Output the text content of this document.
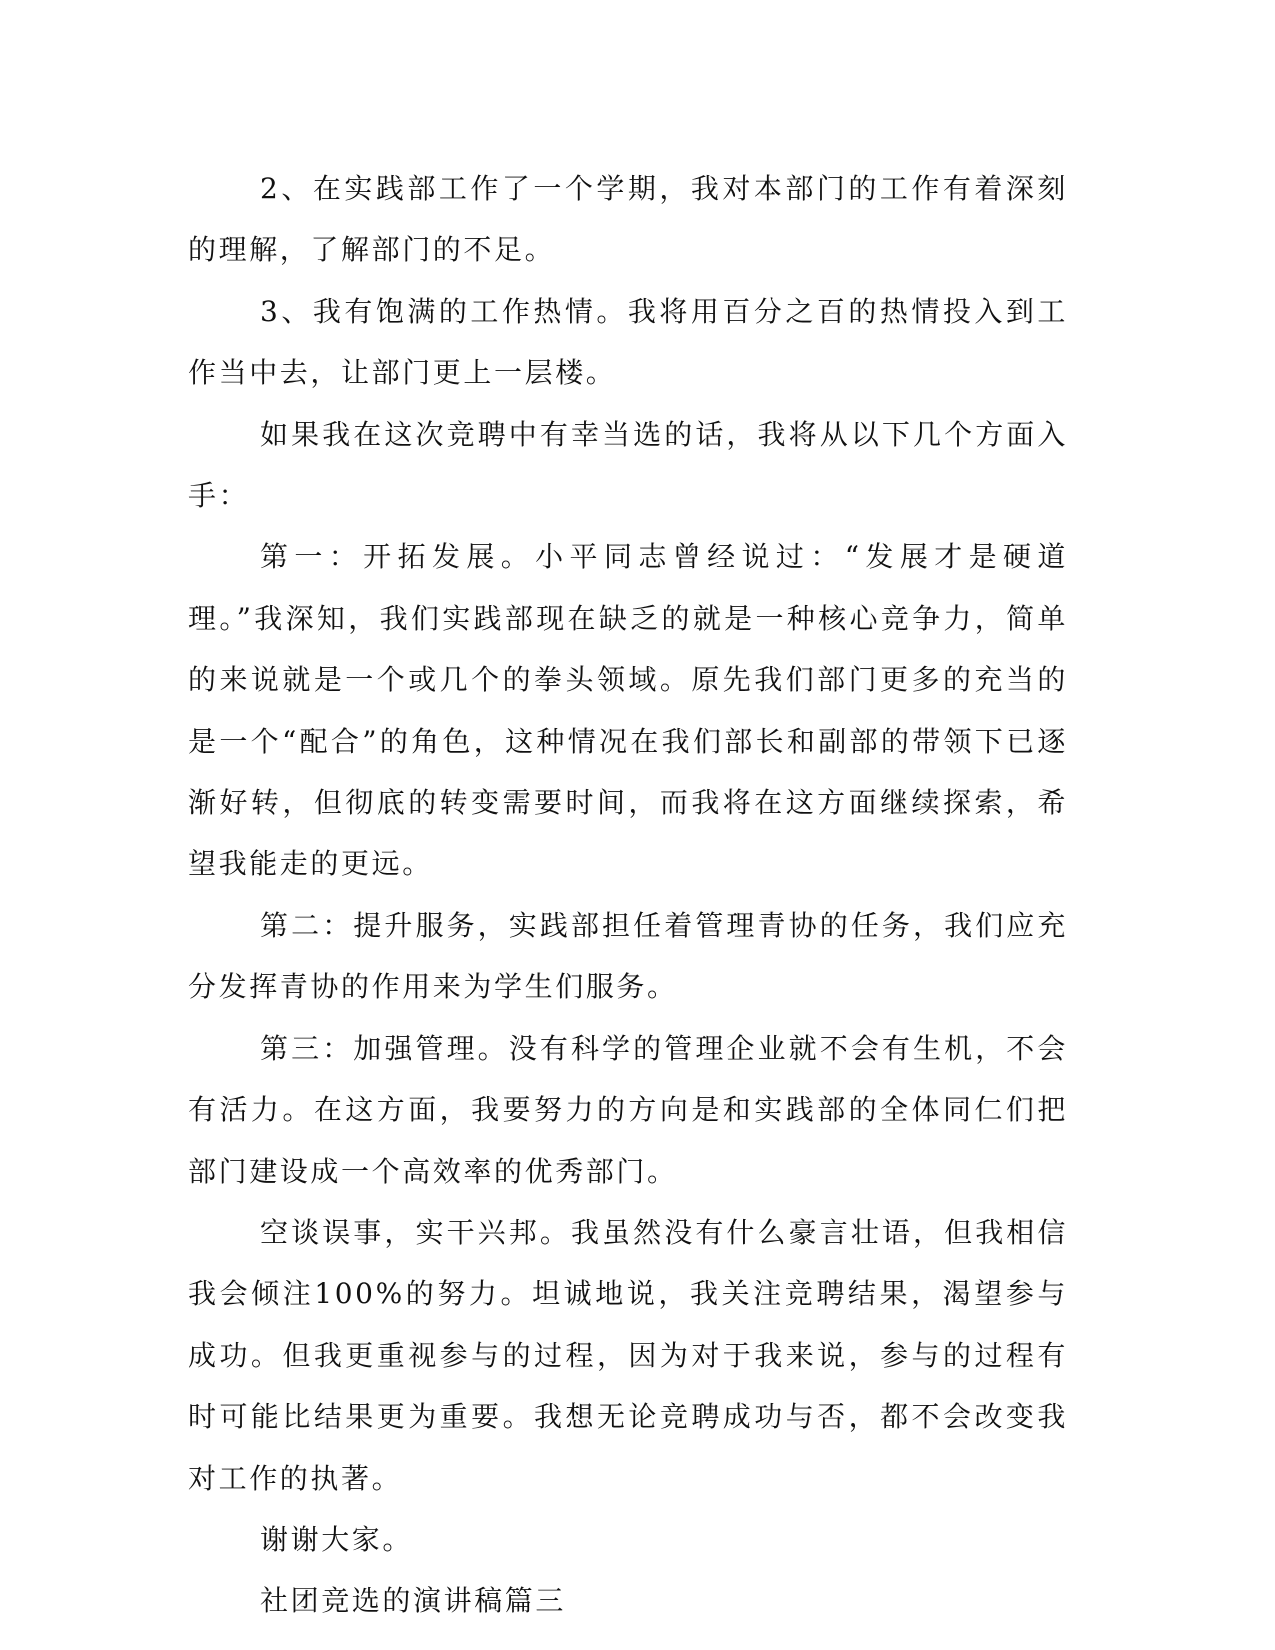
2、在实践部工作了一个学期，我对本部门的工作有着深刻的理解，了解部门的不足。

3、我有饱满的工作热情。我将用百分之百的热情投入到工作当中去，让部门更上一层楼。

如果我在这次竞聘中有幸当选的话，我将从以下几个方面入手：

第一：开拓发展。小平同志曾经说过：“发展才是硬道理。”我深知，我们实践部现在缺乏的就是一种核心竞争力，简单的来说就是一个或几个的拳头领域。原先我们部门更多的充当的是一个“配合”的角色，这种情况在我们部长和副部的带领下已逐渐好转，但彻底的转变需要时间，而我将在这方面继续探索，希望我能走的更远。

第二：提升服务，实践部担任着管理青协的任务，我们应充分发挥青协的作用来为学生们服务。

第三：加强管理。没有科学的管理企业就不会有生机，不会有活力。在这方面，我要努力的方向是和实践部的全体同仁们把部门建设成一个高效率的优秀部门。

空谈误事，实干兴邦。我虽然没有什么豪言壮语，但我相信我会倾注100%的努力。坦诚地说，我关注竞聘结果，渴望参与成功。但我更重视参与的过程，因为对于我来说，参与的过程有时可能比结果更为重要。我想无论竞聘成功与否，都不会改变我对工作的执著。

谢谢大家。

社团竞选的演讲稿篇三
